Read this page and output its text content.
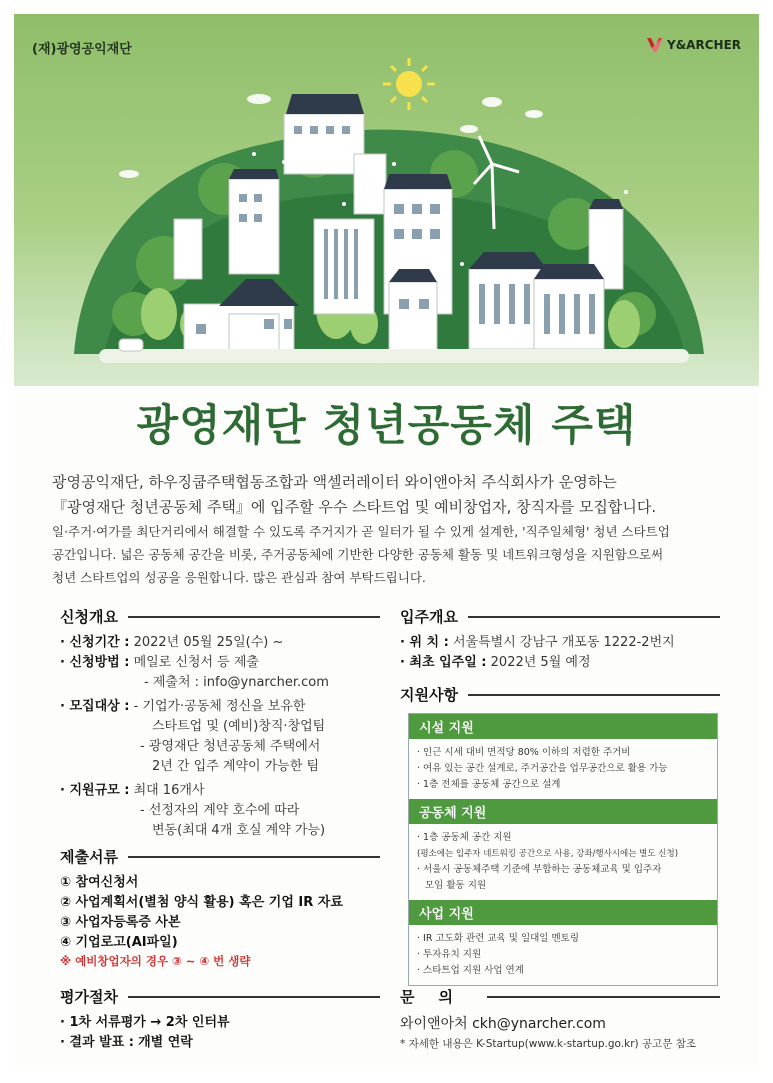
(재)광영공익재단	Y&ARCHER
광영재단 청년공동체 주택

광영공익재단, 하우징쿱주택협동조합과 액셀러레이터 와이앤아처 주식회사가 운영하는

『광영재단 청년공동체 주택』에 입주할 우수 스타트업 및 예비창업자, 창직자를 모집합니다.

일·주거·여가를 최단거리에서 해결할 수 있도록 주거지가 곧 일터가 될 수 있게 설계한, '직주일체형' 청년 스타트업

공간입니다. 넓은 공동체 공간을 비롯, 주거공동체에 기반한 다양한 공동체 활동 및 네트워크형성을 지원함으로써

청년 스타트업의 성공을 응원합니다. 많은 관심과 참여 부탁드립니다.

신청개요
· 신청기간 : 2022년 05월 25일(수) ~
· 신청방법 : 메일로 신청서 등 제출
- 제출처 : info@ynarcher.com
· 모집대상 : - 기업가·공동체 정신을 보유한
스타트업 및 (예비)창직·창업팀
- 광영재단 청년공동체 주택에서
2년 간 입주 계약이 가능한 팀
· 지원규모 : 최대 16개사
- 선정자의 계약 호수에 따라
변동(최대 4개 호실 계약 가능)
제출서류
① 참여신청서
② 사업계획서(별첨 양식 활용) 혹은 기업 IR 자료
③ 사업자등록증 사본
④ 기업로고(AI파일)
※ 예비창업자의 경우 ③ ~ ④ 번 생략
평가절차
· 1차 서류평가 → 2차 인터뷰
· 결과 발표 : 개별 연락
입주개요
· 위 치 : 서울특별시 강남구 개포동 1222-2번지
· 최초 입주일 : 2022년 5월 예정
지원사항
시설 지원
· 인근 시세 대비 면적당 80% 이하의 저렴한 주거비
· 여유 있는 공간 설계로, 주거공간을 업무공간으로 활용 가능
· 1층 전체를 공동체 공간으로 설계
공동체 지원
· 1층 공동체 공간 지원
(평소에는 입주자 네트워킹 공간으로 사용, 강좌/행사시에는 별도 신청)
· 서울시 공동체주택 기준에 부합하는 공동체교육 및 입주자
모임 활동 지원
사업 지원
· IR 고도화 관련 교육 및 일대일 멘토링
· 투자유치 지원
· 스타트업 지원 사업 연계
문의
와이앤아처 ckh@ynarcher.com
* 자세한 내용은 K-Startup(www.k-startup.go.kr) 공고문 참조
